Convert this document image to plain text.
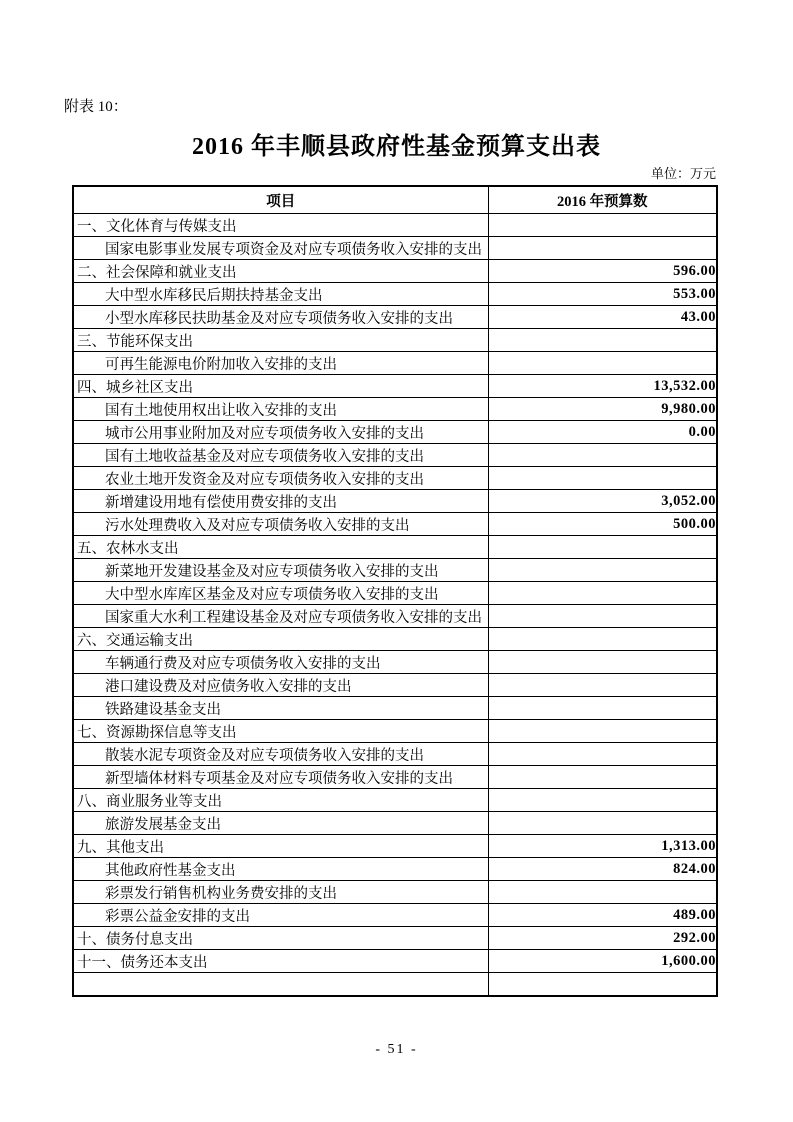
附表 10：
2016 年丰顺县政府性基金预算支出表
单位：万元
项目	2016 年预算数
一、文化体育与传媒支出	
国家电影事业发展专项资金及对应专项债务收入安排的支出	
二、社会保障和就业支出	596.00
大中型水库移民后期扶持基金支出	553.00
小型水库移民扶助基金及对应专项债务收入安排的支出	43.00
三、节能环保支出	
可再生能源电价附加收入安排的支出	
四、城乡社区支出	13,532.00
国有土地使用权出让收入安排的支出	9,980.00
城市公用事业附加及对应专项债务收入安排的支出	0.00
国有土地收益基金及对应专项债务收入安排的支出	
农业土地开发资金及对应专项债务收入安排的支出	
新增建设用地有偿使用费安排的支出	3,052.00
污水处理费收入及对应专项债务收入安排的支出	500.00
五、农林水支出	
新菜地开发建设基金及对应专项债务收入安排的支出	
大中型水库库区基金及对应专项债务收入安排的支出	
国家重大水利工程建设基金及对应专项债务收入安排的支出	
六、交通运输支出	
车辆通行费及对应专项债务收入安排的支出	
港口建设费及对应债务收入安排的支出	
铁路建设基金支出	
七、资源勘探信息等支出	
散装水泥专项资金及对应专项债务收入安排的支出	
新型墙体材料专项基金及对应专项债务收入安排的支出	
八、商业服务业等支出	
旅游发展基金支出	
九、其他支出	1,313.00
其他政府性基金支出	824.00
彩票发行销售机构业务费安排的支出	
彩票公益金安排的支出	489.00
十、债务付息支出	292.00
十一、债务还本支出	1,600.00

- 51 -
